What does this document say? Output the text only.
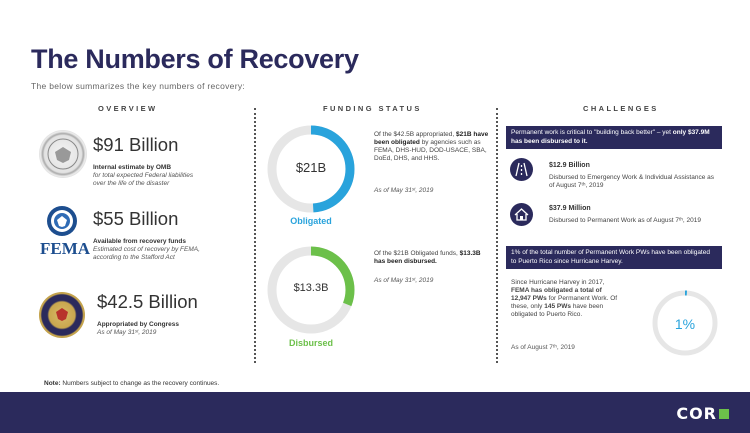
The Numbers of Recovery
The below summarizes the key numbers of recovery:
OVERVIEW	FUNDING STATUS	CHALLENGES
$91 Billion
Internal estimate by OMB
for total expected Federal liabilities
over the life of the disaster
FEMA
$55 Billion
Available from recovery funds
Estimated cost of recovery by FEMA,
according to the Stafford Act
$42.5 Billion
Appropriated by Congress
As of May 31ˢᵗ, 2019
$21B
Obligated
Of the $42.5B appropriated, $21B have been obligated by agencies such as FEMA, DHS-HUD, DOD-USACE, SBA, DoEd, DHS, and HHS.
As of May 31ˢᵗ, 2019
$13.3B
Disbursed
Of the $21B Obligated funds, $13.3B has been disbursed.
As of May 31ˢᵗ, 2019
Permanent work is critical to "building back better" – yet only $37.9M has been disbursed to it.
$12.9 Billion
Disbursed to Emergency Work & Individual Assistance as of August 7ᵗʰ, 2019
$37.9 Million
Disbursed to Permanent Work as of August 7ᵗʰ, 2019
1% of the total number of Permanent Work PWs have been obligated to Puerto Rico since Hurricane Harvey.
Since Hurricane Harvey in 2017, FEMA has obligated a total of 12,947 PWs for Permanent Work. Of these, only 145 PWs have been obligated to Puerto Rico.
As of August 7ᵗʰ, 2019
1%
Note: Numbers subject to change as the recovery continues.
COR
